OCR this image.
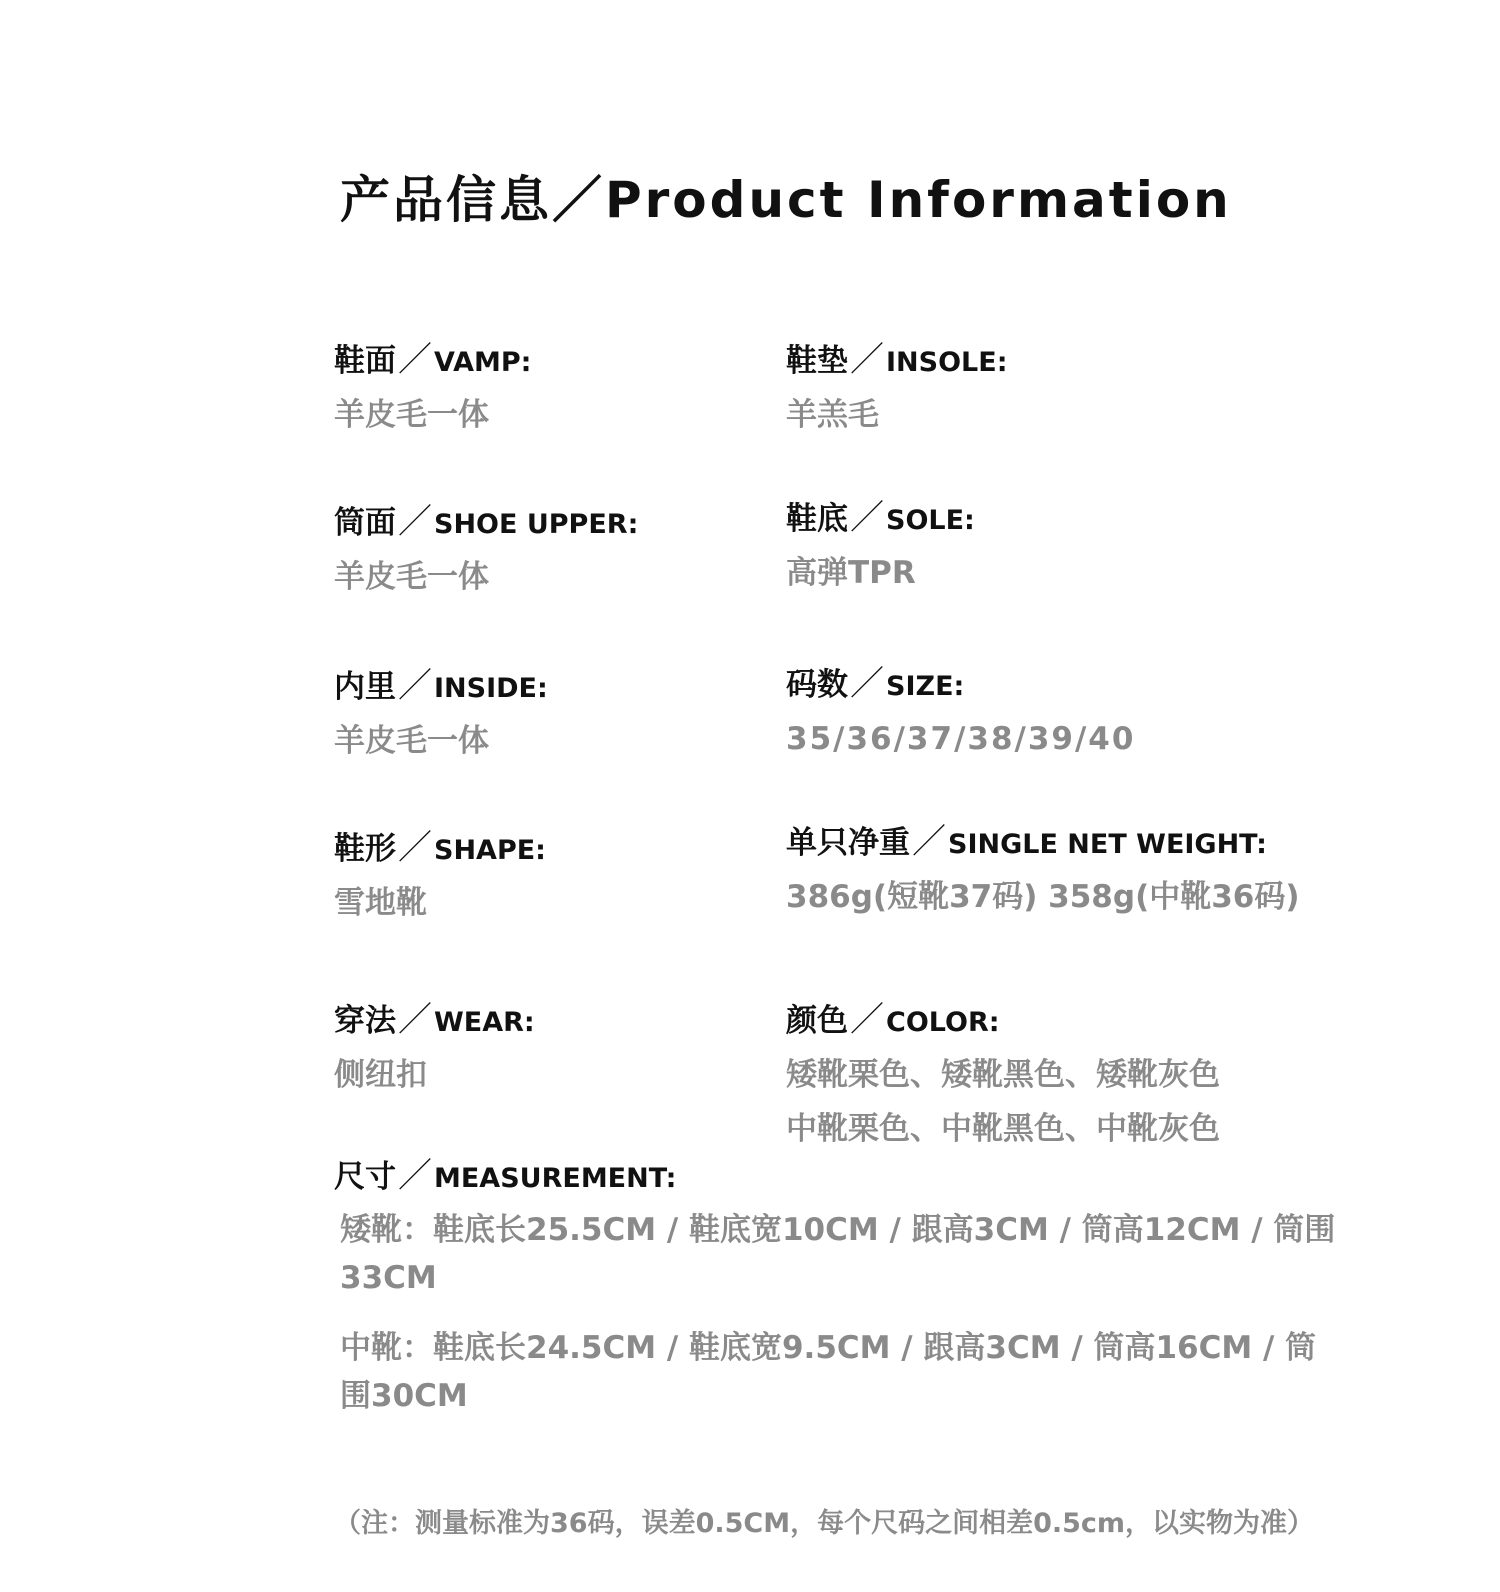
产品信息／Product Information
鞋面／VAMP:
羊皮毛一体
筒面／SHOE UPPER:
羊皮毛一体
内里／INSIDE:
羊皮毛一体
鞋形／SHAPE:
雪地靴
穿法／WEAR:
侧纽扣
鞋垫／INSOLE:
羊羔毛
鞋底／SOLE:
高弹TPR
码数／SIZE:
35/36/37/38/39/40
单只净重／SINGLE NET WEIGHT:
386g(短靴37码) 358g(中靴36码)
颜色／COLOR:
矮靴栗色、矮靴黑色、矮靴灰色
中靴栗色、中靴黑色、中靴灰色
尺寸／MEASUREMENT:
矮靴：鞋底长25.5CM / 鞋底宽10CM / 跟高3CM / 筒高12CM / 筒围33CM
中靴：鞋底长24.5CM / 鞋底宽9.5CM / 跟高3CM / 筒高16CM / 筒围30CM
（注：测量标准为36码，误差0.5CM，每个尺码之间相差0.5cm，以实物为准）
